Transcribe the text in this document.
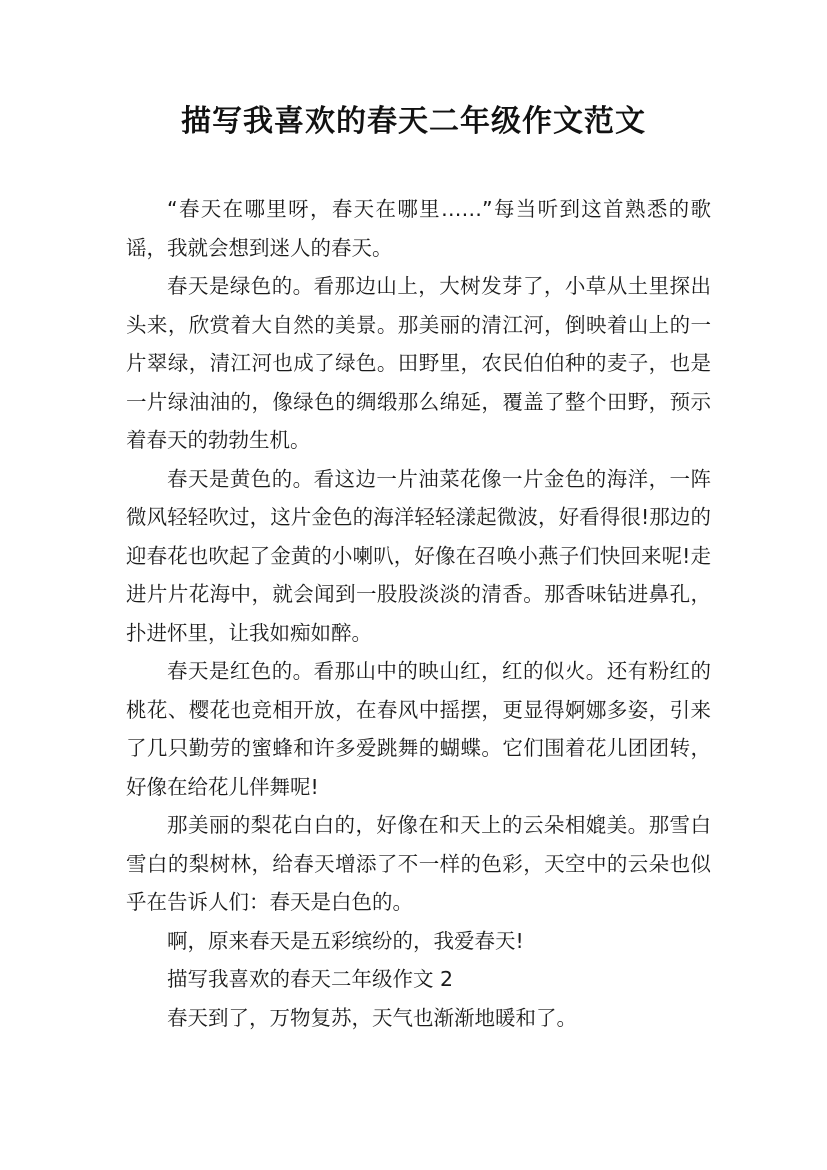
描写我喜欢的春天二年级作文范文

“春天在哪里呀，春天在哪里……”每当听到这首熟悉的歌谣，我就会想到迷人的春天。

春天是绿色的。看那边山上，大树发芽了，小草从土里探出头来，欣赏着大自然的美景。那美丽的清江河，倒映着山上的一片翠绿，清江河也成了绿色。田野里，农民伯伯种的麦子，也是一片绿油油的，像绿色的绸缎那么绵延，覆盖了整个田野，预示着春天的勃勃生机。

春天是黄色的。看这边一片油菜花像一片金色的海洋，一阵微风轻轻吹过，这片金色的海洋轻轻漾起微波，好看得很!那边的迎春花也吹起了金黄的小喇叭，好像在召唤小燕子们快回来呢!走进片片花海中，就会闻到一股股淡淡的清香。那香味钻进鼻孔，扑进怀里，让我如痴如醉。

春天是红色的。看那山中的映山红，红的似火。还有粉红的桃花、樱花也竞相开放，在春风中摇摆，更显得婀娜多姿，引来了几只勤劳的蜜蜂和许多爱跳舞的蝴蝶。它们围着花儿团团转，好像在给花儿伴舞呢!

那美丽的梨花白白的，好像在和天上的云朵相媲美。那雪白雪白的梨树林，给春天增添了不一样的色彩，天空中的云朵也似乎在告诉人们：春天是白色的。

啊，原来春天是五彩缤纷的，我爱春天!

描写我喜欢的春天二年级作文 2

春天到了，万物复苏，天气也渐渐地暖和了。
